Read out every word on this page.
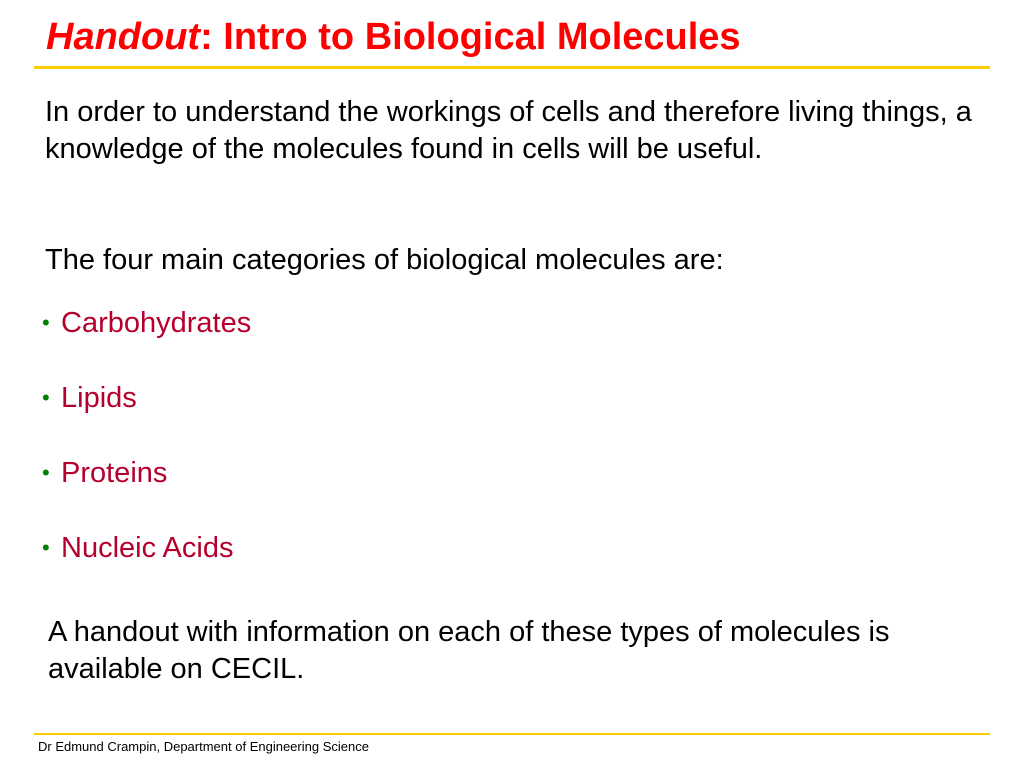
Handout: Intro to Biological Molecules

In order to understand the workings of cells and therefore living things, a knowledge of the molecules found in cells will be useful.

The four main categories of biological molecules are:

• Carbohydrates
• Lipids
• Proteins
• Nucleic Acids

A handout with information on each of these types of molecules is available on CECIL.

Dr Edmund Crampin, Department of Engineering Science
